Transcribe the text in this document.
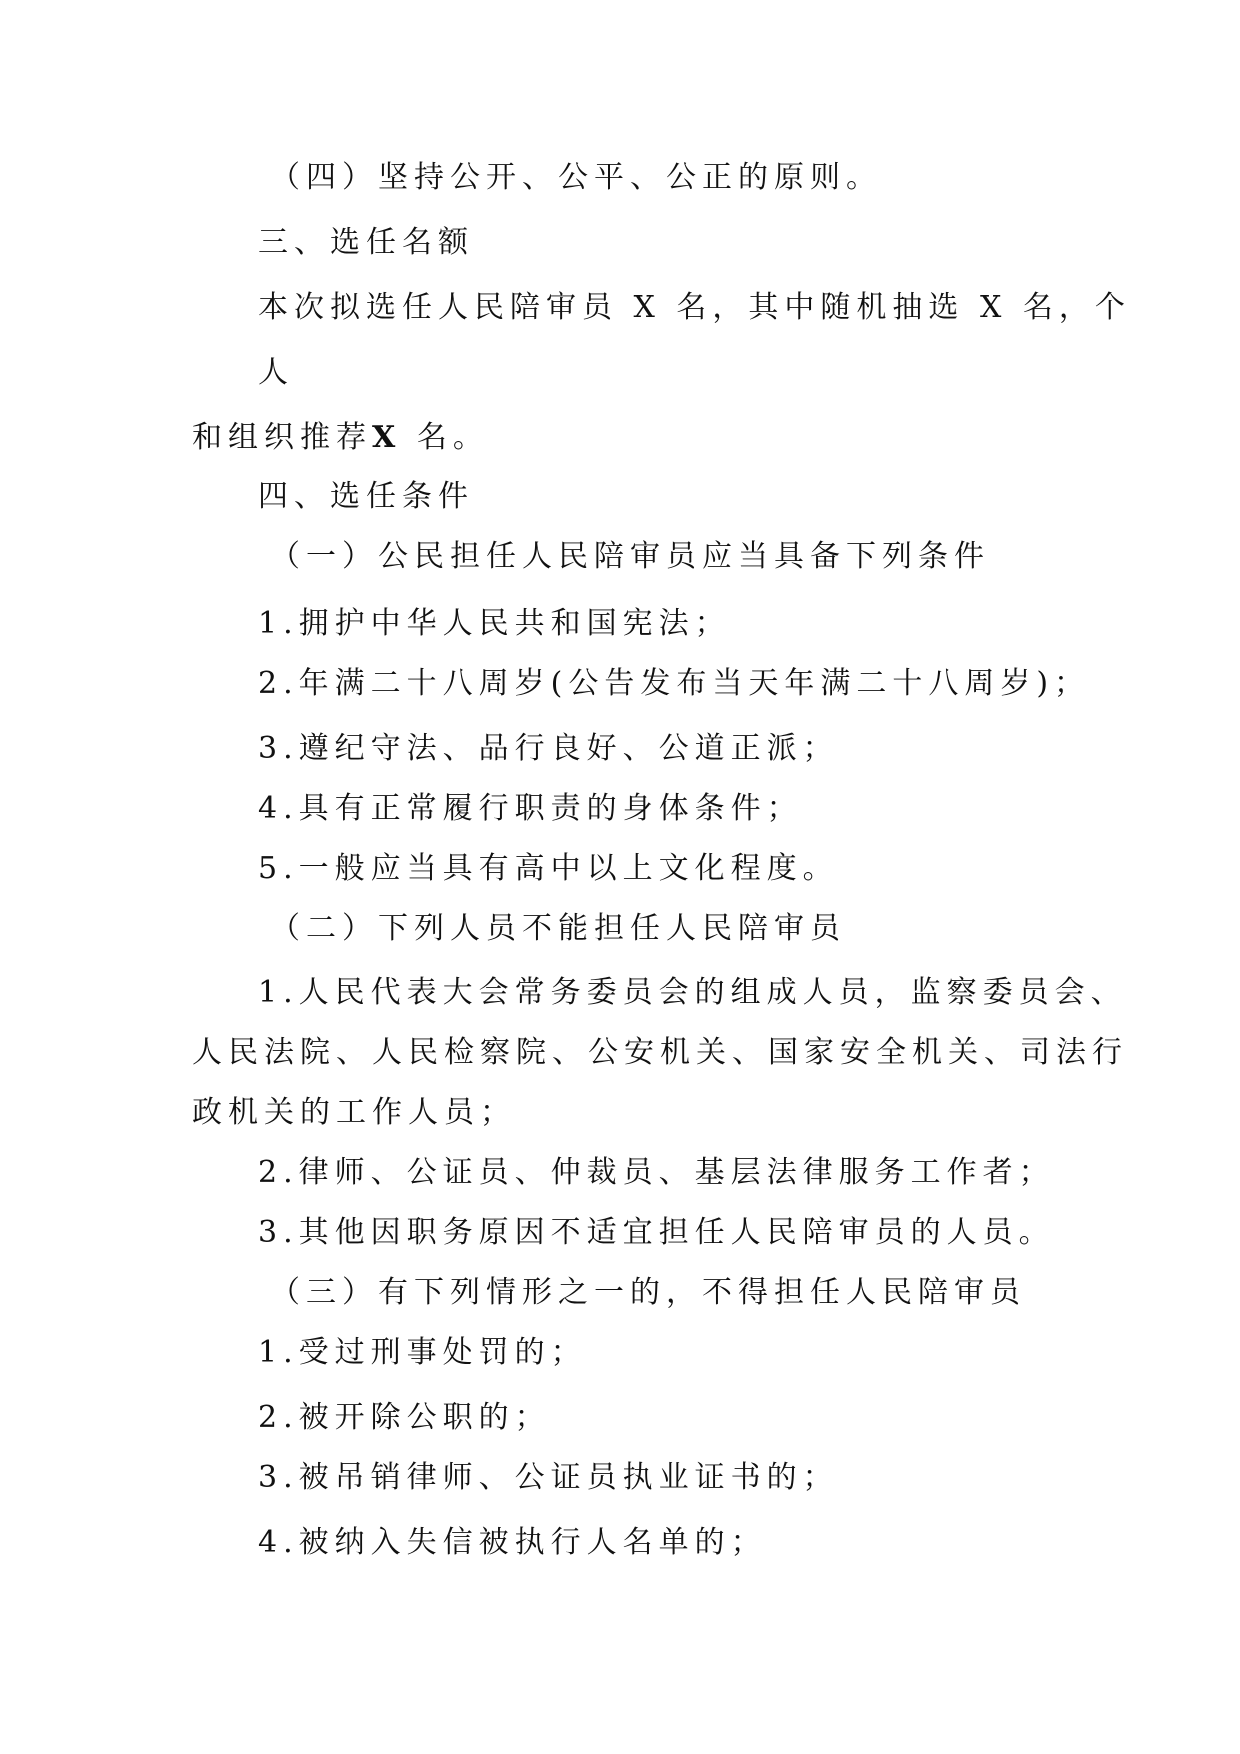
（四）坚持公开、公平、公正的原则。
三、选任名额
本次拟选任人民陪审员 X 名，其中随机抽选 X 名，个
人
和组织推荐X 名。
四、选任条件
（一）公民担任人民陪审员应当具备下列条件
1.拥护中华人民共和国宪法；
2.年满二十八周岁(公告发布当天年满二十八周岁)；
3.遵纪守法、品行良好、公道正派；
4.具有正常履行职责的身体条件；
5.一般应当具有高中以上文化程度。
（二）下列人员不能担任人民陪审员
1.人民代表大会常务委员会的组成人员，监察委员会、
人民法院、人民检察院、公安机关、国家安全机关、司法行
政机关的工作人员；
2.律师、公证员、仲裁员、基层法律服务工作者；
3.其他因职务原因不适宜担任人民陪审员的人员。
（三）有下列情形之一的，不得担任人民陪审员
1.受过刑事处罚的；
2.被开除公职的；
3.被吊销律师、公证员执业证书的；
4.被纳入失信被执行人名单的；
